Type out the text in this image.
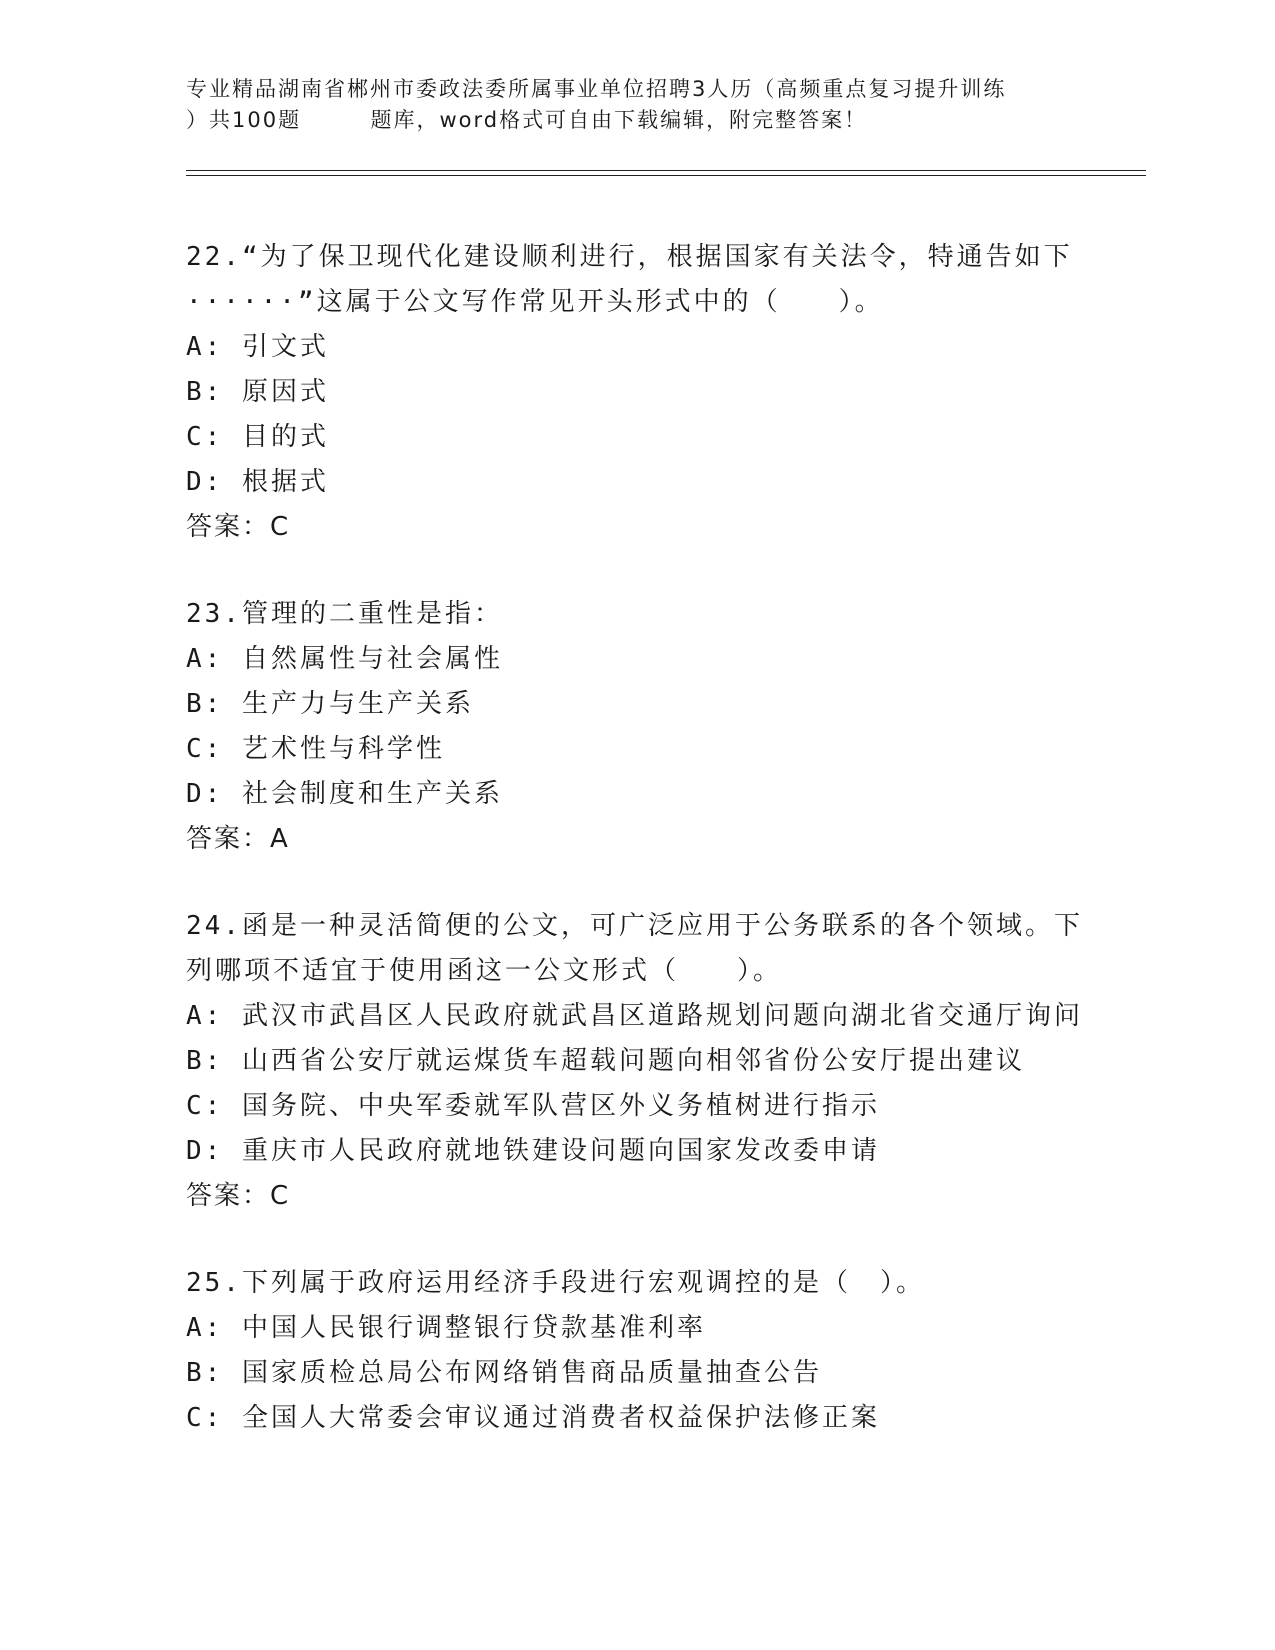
专业精品湖南省郴州市委政法委所属事业单位招聘3人历（高频重点复习提升训练
）共100题        题库，word格式可自由下载编辑，附完整答案！

22.“为了保卫现代化建设顺利进行，根据国家有关法令，特通告如下······”这属于公文写作常见开头形式中的（　　）。

A: 引文式

B: 原因式

C: 目的式

D: 根据式

答案：C

23.管理的二重性是指：

A: 自然属性与社会属性

B: 生产力与生产关系

C: 艺术性与科学性

D: 社会制度和生产关系

答案：A

24.函是一种灵活简便的公文，可广泛应用于公务联系的各个领域。下列哪项不适宜于使用函这一公文形式（　　）。

A: 武汉市武昌区人民政府就武昌区道路规划问题向湖北省交通厅询问

B: 山西省公安厅就运煤货车超载问题向相邻省份公安厅提出建议

C: 国务院、中央军委就军队营区外义务植树进行指示

D: 重庆市人民政府就地铁建设问题向国家发改委申请

答案：C

25.下列属于政府运用经济手段进行宏观调控的是（　）。

A: 中国人民银行调整银行贷款基准利率

B: 国家质检总局公布网络销售商品质量抽查公告

C: 全国人大常委会审议通过消费者权益保护法修正案
